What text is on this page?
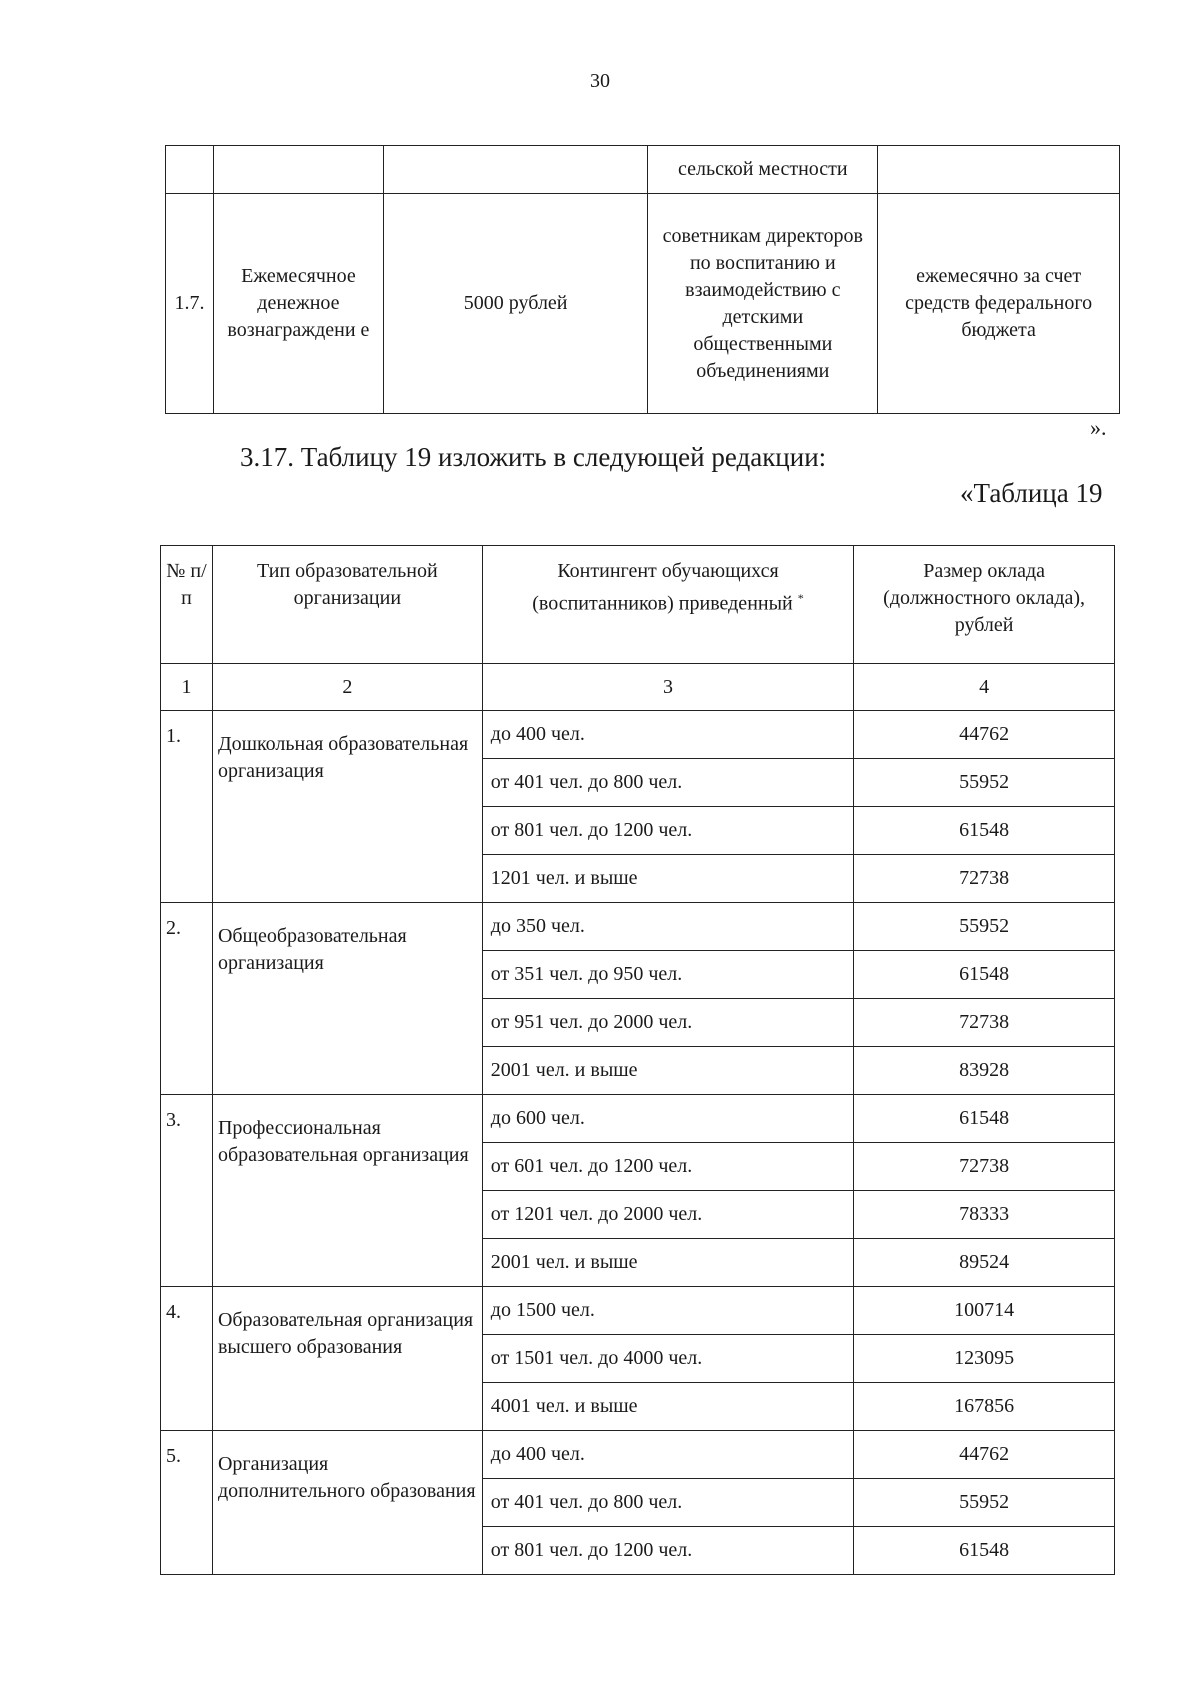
30
			сельской местности	
1.7.	Ежемесячное денежное вознаграждени е	5000 рублей	советникам директоров по воспитанию и взаимодействию с детскими общественными объединениями	ежемесячно за счет средств федерального бюджета
».
3.17. Таблицу 19 изложить в следующей редакции:
«Таблица 19
№ п/п	Тип образовательной организации	Контингент обучающихся (воспитанников) приведенный *	Размер оклада (должностного оклада), рублей
1	2	3	4
1.	Дошкольная образовательная организация	до 400 чел.	44762
		от 401 чел. до 800 чел.	55952
		от 801 чел. до 1200 чел.	61548
		1201 чел. и выше	72738
2.	Общеобразовательная организация	до 350 чел.	55952
		от 351 чел. до 950 чел.	61548
		от 951 чел. до 2000 чел.	72738
		2001 чел. и выше	83928
3.	Профессиональная образовательная организация	до 600 чел.	61548
		от 601 чел. до 1200 чел.	72738
		от 1201 чел. до 2000 чел.	78333
		2001 чел. и выше	89524
4.	Образовательная организация высшего образования	до 1500 чел.	100714
		от 1501 чел. до 4000 чел.	123095
		4001 чел. и выше	167856
5.	Организация дополнительного образования	до 400 чел.	44762
		от 401 чел. до 800 чел.	55952
		от 801 чел. до 1200 чел.	61548
